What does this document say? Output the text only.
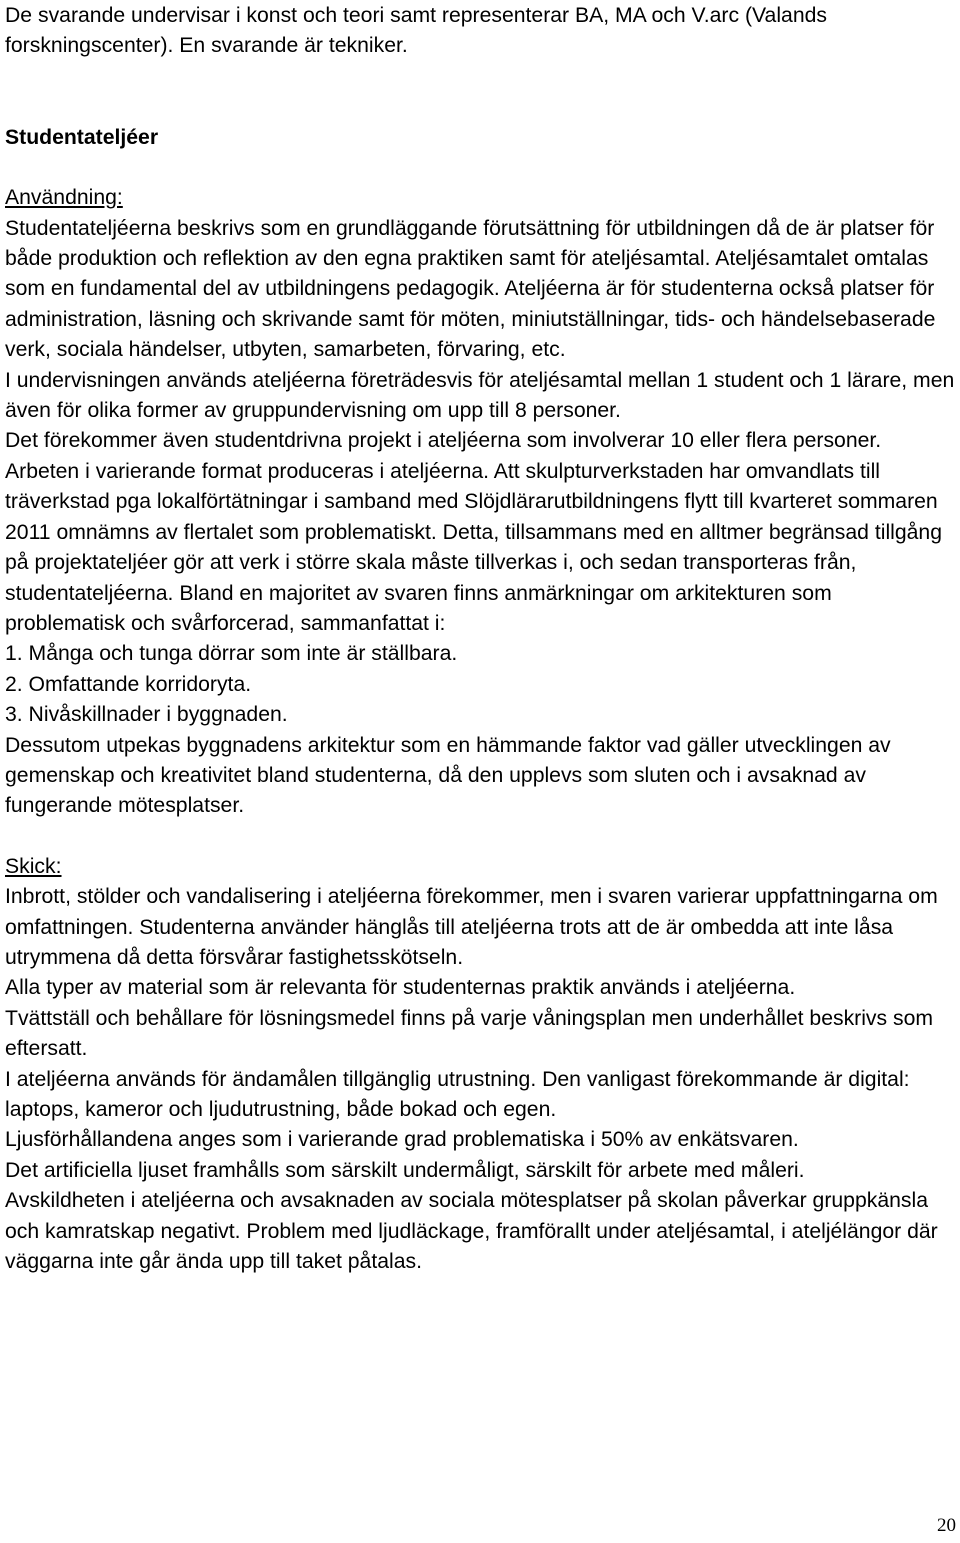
De svarande undervisar i konst och teori samt representerar BA, MA och V.arc (Valands forskningscenter). En svarande är tekniker.

Studentateljéer
Användning:

Studentateljéerna beskrivs som en grundläggande förutsättning för utbildningen då de är platser för både produktion och reflektion av den egna praktiken samt för ateljésamtal. Ateljésamtalet omtalas som en fundamental del av utbildningens pedagogik. Ateljéerna är för studenterna också platser för administration, läsning och skrivande samt för möten, miniutställningar, tids- och händelsebaserade verk, sociala händelser, utbyten, samarbeten, förvaring, etc.

I undervisningen används ateljéerna företrädesvis för ateljésamtal mellan 1 student och 1 lärare, men även för olika former av gruppundervisning om upp till 8 personer.

Det förekommer även studentdrivna projekt i ateljéerna som involverar 10 eller flera personer.

Arbeten i varierande format produceras i ateljéerna. Att skulpturverkstaden har omvandlats till träverkstad pga lokalförtätningar i samband med Slöjdlärarutbildningens flytt till kvarteret sommaren 2011 omnämns av flertalet som problematiskt. Detta, tillsammans med en alltmer begränsad tillgång på projektateljéer gör att verk i större skala måste tillverkas i, och sedan transporteras från, studentateljéerna. Bland en majoritet av svaren finns anmärkningar om arkitekturen som problematisk och svårforcerad, sammanfattat i:

1. Många och tunga dörrar som inte är ställbara.

2. Omfattande korridoryta.

3. Nivåskillnader i byggnaden.

Dessutom utpekas byggnadens arkitektur som en hämmande faktor vad gäller utvecklingen av gemenskap och kreativitet bland studenterna, då den upplevs som sluten och i avsaknad av fungerande mötesplatser.

Skick:

Inbrott, stölder och vandalisering i ateljéerna förekommer, men i svaren varierar uppfattningarna om omfattningen. Studenterna använder hänglås till ateljéerna trots att de är ombedda att inte låsa utrymmena då detta försvårar fastighetsskötseln.

Alla typer av material som är relevanta för studenternas praktik används i ateljéerna.

Tvättställ och behållare för lösningsmedel finns på varje våningsplan men underhållet beskrivs som eftersatt.

I ateljéerna används för ändamålen tillgänglig utrustning. Den vanligast förekommande är digital: laptops, kameror och ljudutrustning, både bokad och egen.

Ljusförhållandena anges som i varierande grad problematiska i 50% av enkätsvaren.

Det artificiella ljuset framhålls som särskilt undermåligt, särskilt för arbete med måleri.

Avskildheten i ateljéerna och avsaknaden av sociala mötesplatser på skolan påverkar gruppkänsla och kamratskap negativt. Problem med ljudläckage, framförallt under ateljésamtal, i ateljélängor där väggarna inte går ända upp till taket påtalas.

20
